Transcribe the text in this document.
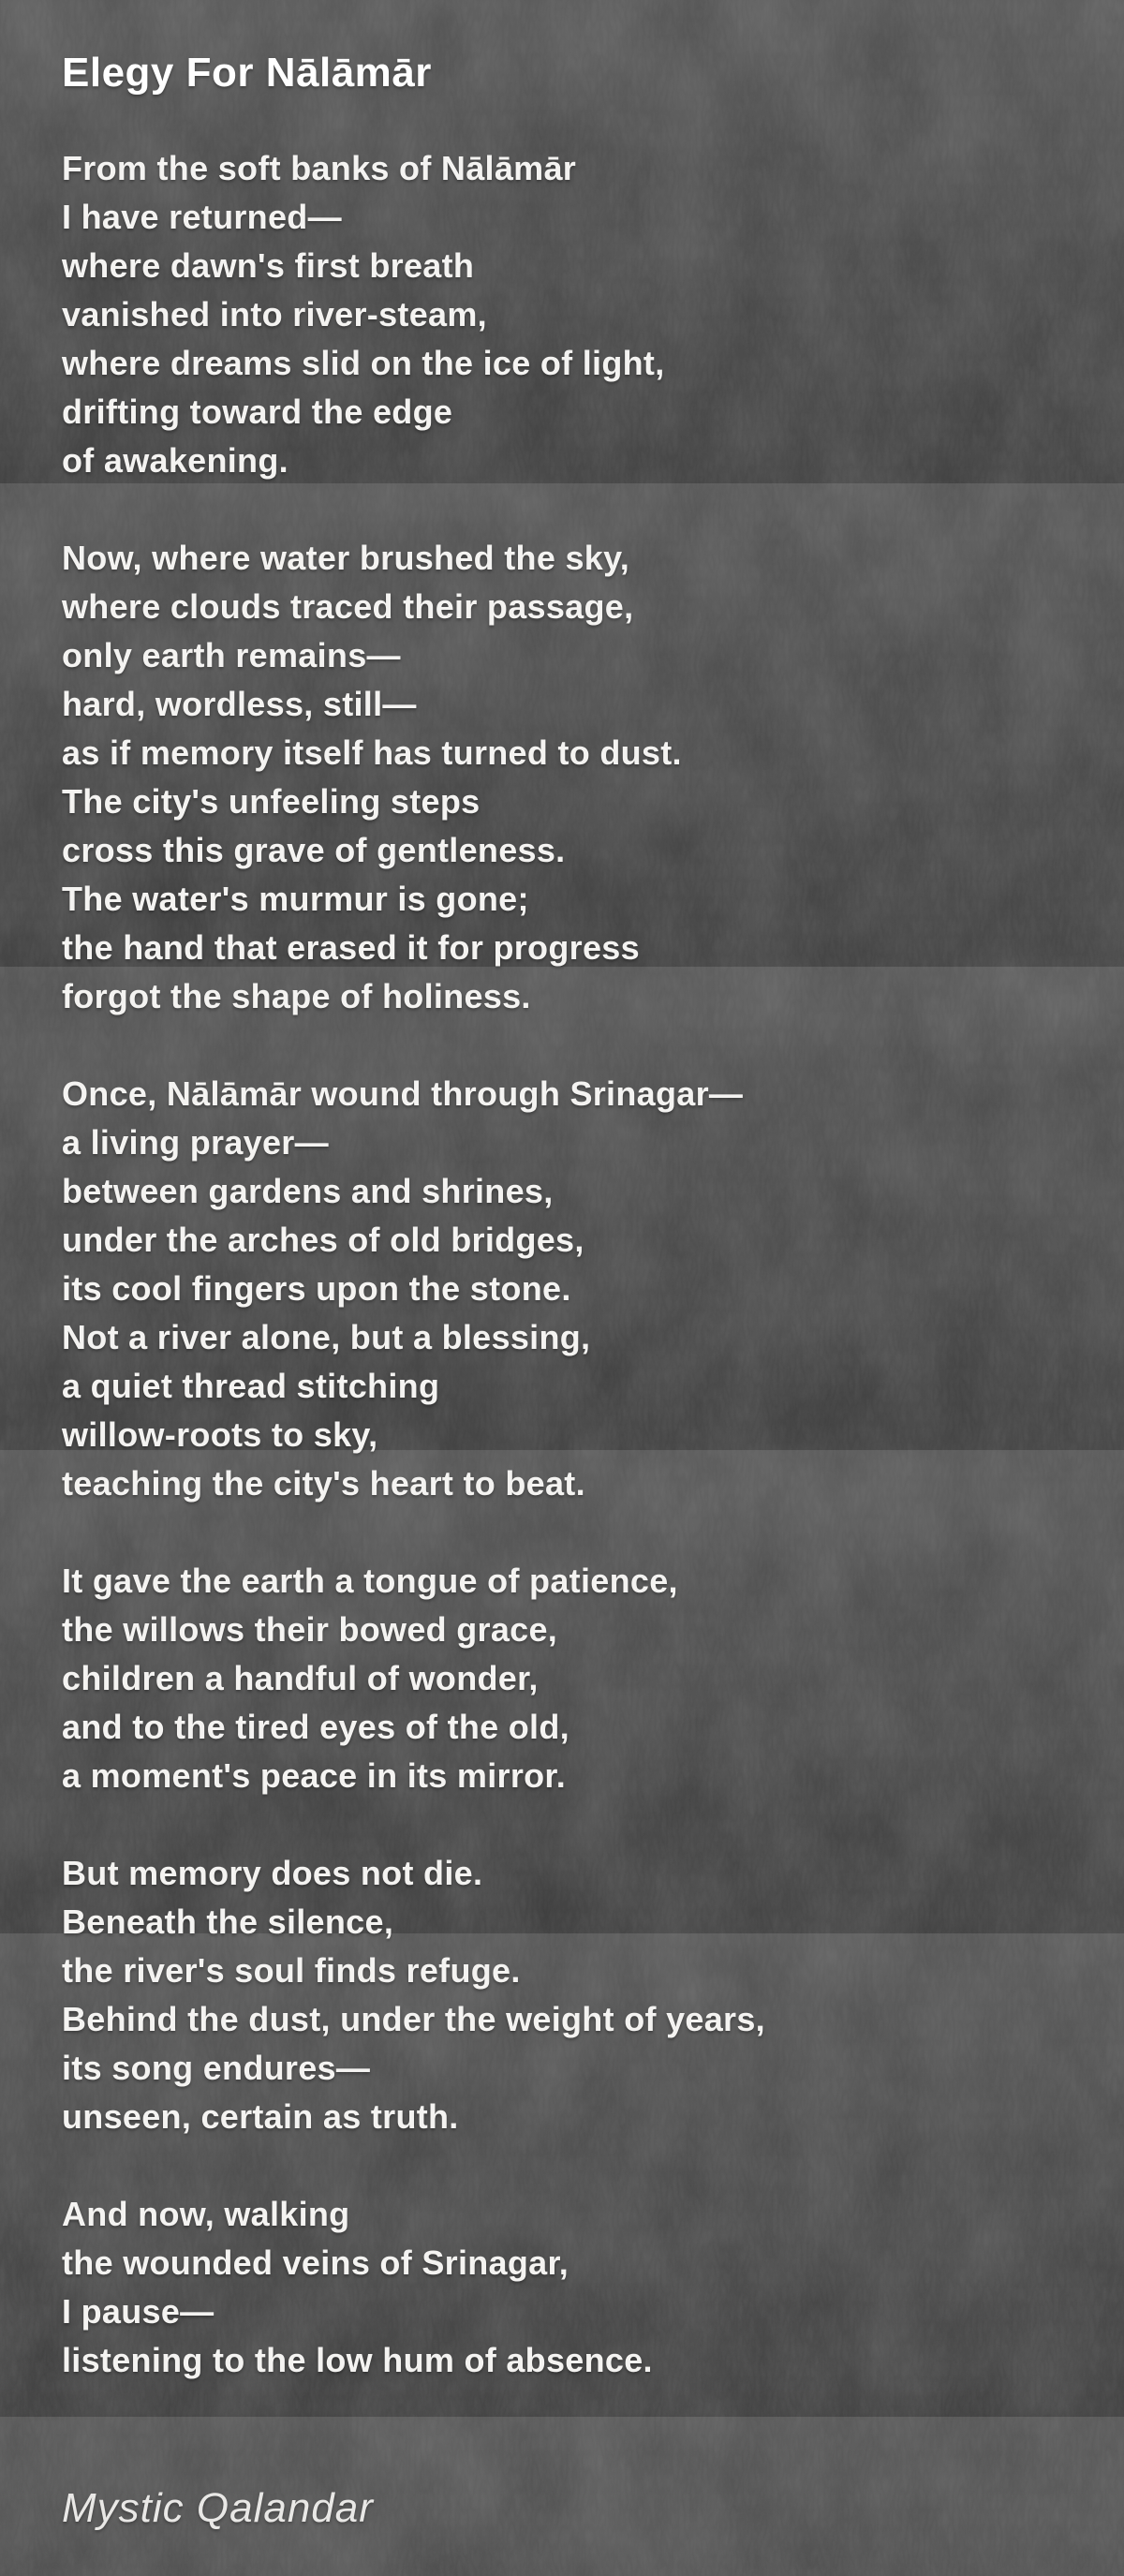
Elegy For Nālāmār

From the soft banks of Nālāmār
I have returned—
where dawn's first breath
vanished into river-steam,
where dreams slid on the ice of light,
drifting toward the edge
of awakening.

Now, where water brushed the sky,
where clouds traced their passage,
only earth remains—
hard, wordless, still—
as if memory itself has turned to dust.
The city's unfeeling steps
cross this grave of gentleness.
The water's murmur is gone;
the hand that erased it for progress
forgot the shape of holiness.

Once, Nālāmār wound through Srinagar—
a living prayer—
between gardens and shrines,
under the arches of old bridges,
its cool fingers upon the stone.
Not a river alone, but a blessing,
a quiet thread stitching
willow-roots to sky,
teaching the city's heart to beat.

It gave the earth a tongue of patience,
the willows their bowed grace,
children a handful of wonder,
and to the tired eyes of the old,
a moment's peace in its mirror.

But memory does not die.
Beneath the silence,
the river's soul finds refuge.
Behind the dust, under the weight of years,
its song endures—
unseen, certain as truth.

And now, walking
the wounded veins of Srinagar,
I pause—
listening to the low hum of absence.

Mystic Qalandar
